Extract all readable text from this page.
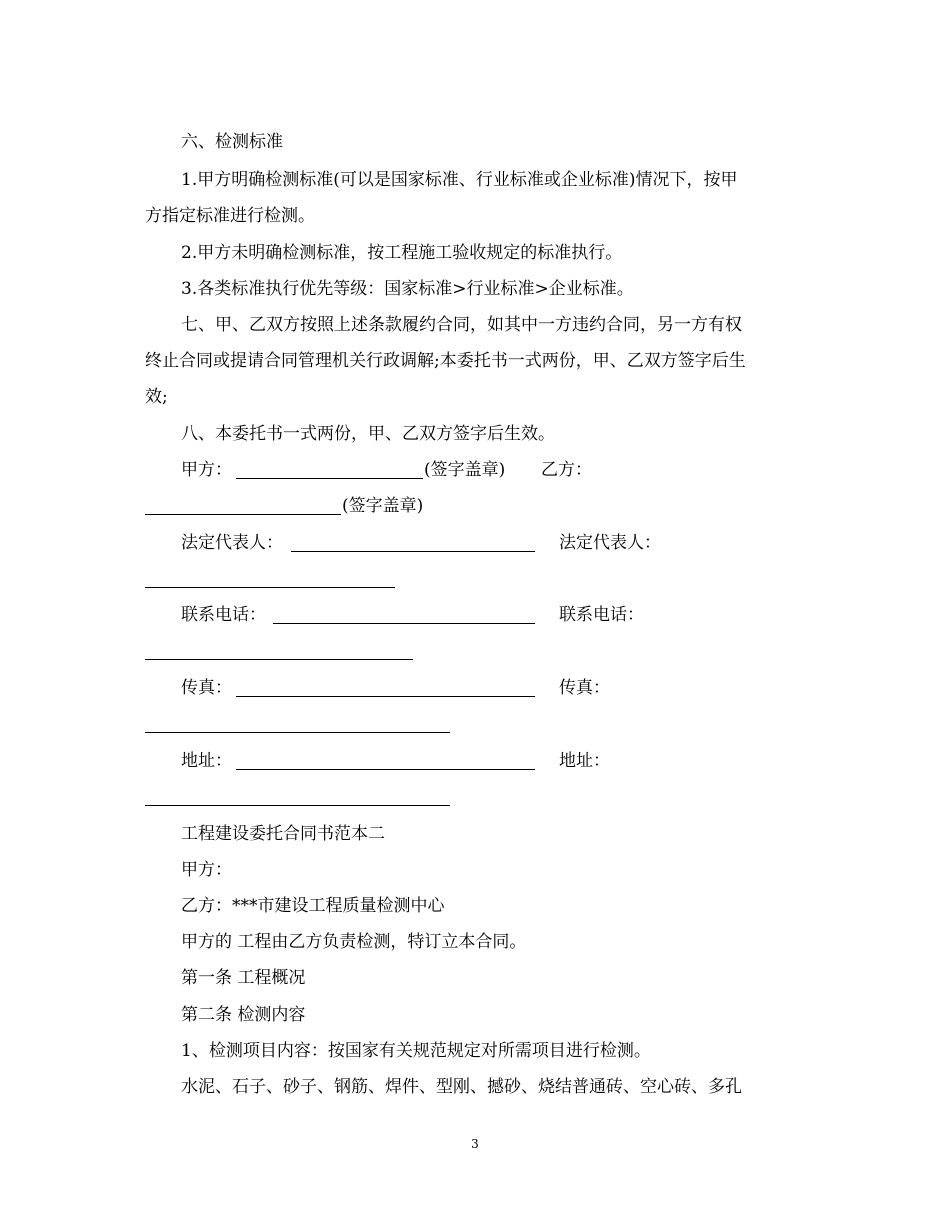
六、检测标准
1.甲方明确检测标准(可以是国家标准、行业标准或企业标准)情况下，按甲
方指定标准进行检测。
2.甲方未明确检测标准，按工程施工验收规定的标准执行。
3.各类标准执行优先等级：国家标准>行业标准>企业标准。
七、甲、乙双方按照上述条款履约合同，如其中一方违约合同，另一方有权
终止合同或提请合同管理机关行政调解;本委托书一式两份，甲、乙双方签字后生
效;
八、本委托书一式两份，甲、乙双方签字后生效。
甲方：	(签字盖章) 乙方：
(签字盖章)
法定代表人：	法定代表人：
联系电话：	联系电话：
传真：	传真：
地址：	地址：
工程建设委托合同书范本二
甲方：
乙方：***市建设工程质量检测中心
甲方的 工程由乙方负责检测，特订立本合同。
第一条 工程概况
第二条 检测内容
1、检测项目内容：按国家有关规范规定对所需项目进行检测。
水泥、石子、砂子、钢筋、焊件、型刚、撼砂、烧结普通砖、空心砖、多孔
3
